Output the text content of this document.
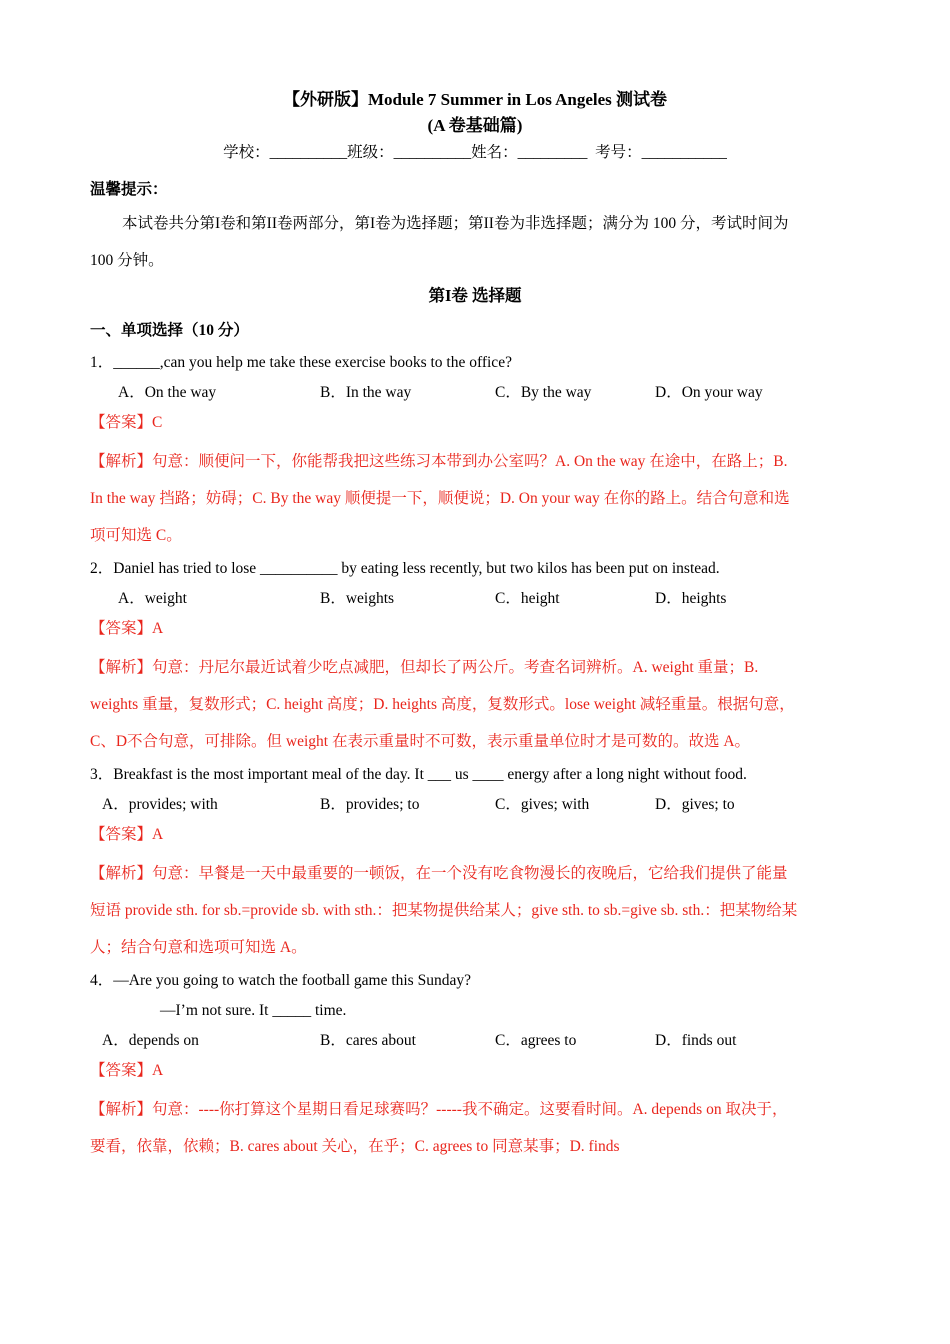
【外研版】Module 7 Summer in Los Angeles 测试卷
(A 卷基础篇)
学校：__________班级：__________姓名：_________  考号：___________
温馨提示：
本试卷共分第I卷和第II卷两部分，第I卷为选择题；第II卷为非选择题；满分为 100 分，考试时间为
100 分钟。
第I卷 选择题
一、单项选择（10 分）
1．______,can you help me take these exercise books to the office?
A．On the way	B．In the way	C．By the way	D．On your way
【答案】C
【解析】句意：顺便问一下，你能帮我把这些练习本带到办公室吗？A. On the way 在途中，在路上；B.
In the way 挡路；妨碍；C. By the way 顺便提一下，顺便说；D. On your way 在你的路上。结合句意和选
项可知选 C。
2．Daniel has tried to lose __________ by eating less recently, but two kilos has been put on instead.
A．weight	B．weights	C．height	D．heights
【答案】A
【解析】句意：丹尼尔最近试着少吃点减肥，但却长了两公斤。考查名词辨析。A. weight 重量；B.
weights 重量，复数形式；C. height 高度；D. heights 高度，复数形式。lose weight 减轻重量。根据句意，
C、D不合句意，可排除。但 weight 在表示重量时不可数，表示重量单位时才是可数的。故选 A。
3．Breakfast is the most important meal of the day. It ___ us ____ energy after a long night without food.
A．provides; with	B．provides; to	C．gives; with	D．gives; to
【答案】A
【解析】句意：早餐是一天中最重要的一顿饭，在一个没有吃食物漫长的夜晚后，它给我们提供了能量
短语 provide sth. for sb.=provide sb. with sth.：把某物提供给某人；give sth. to sb.=give sb. sth.：把某物给某
人；结合句意和选项可知选 A。
4．—Are you going to watch the football game this Sunday?
—I’m not sure. It _____ time.
A．depends on	B．cares about	C．agrees to	D．finds out
【答案】A
【解析】句意：----你打算这个星期日看足球赛吗？-----我不确定。这要看时间。A. depends on 取决于，
要看，依靠，依赖；B. cares about 关心，在乎；C. agrees to 同意某事；D. finds
